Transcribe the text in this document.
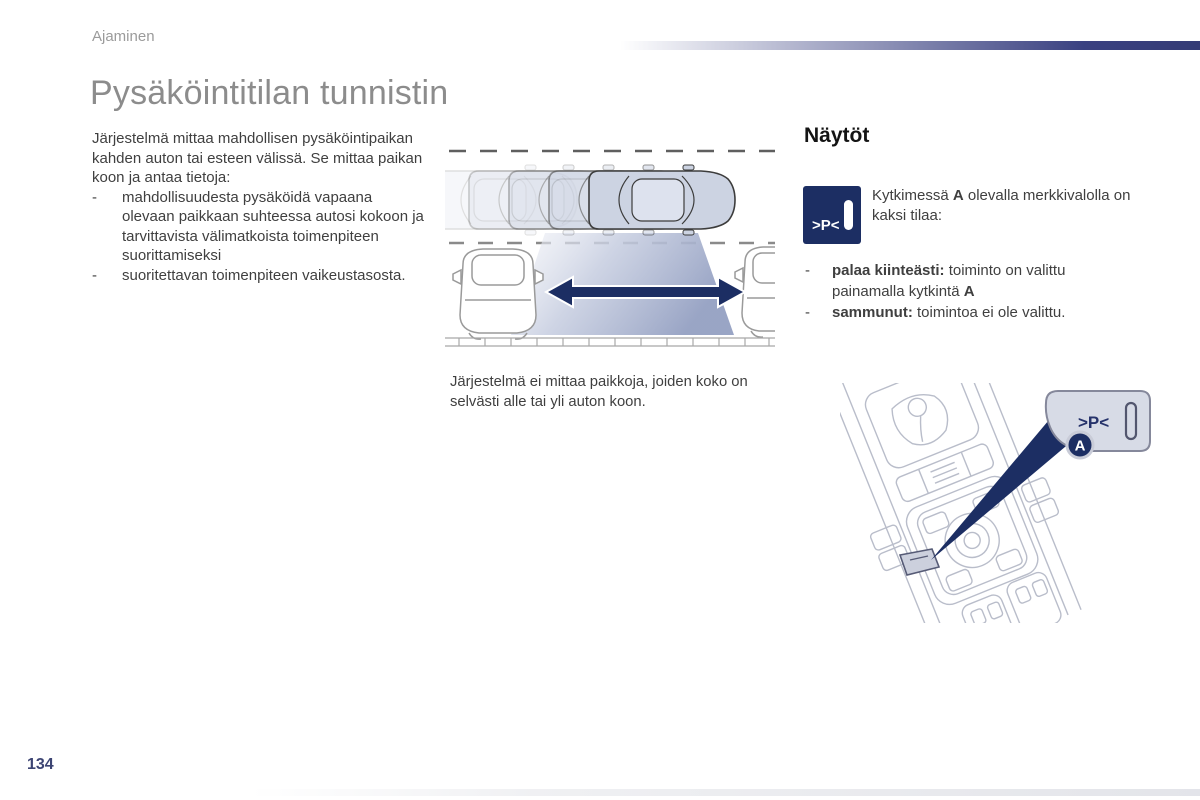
Ajaminen
Pysäköintitilan tunnistin
Järjestelmä mittaa mahdollisen pysäköintipaikan kahden auton tai esteen välissä. Se mittaa paikan koon ja antaa tietoja:
-	mahdollisuudesta pysäköidä vapaana olevaan paikkaan suhteessa autosi kokoon ja tarvittavista välimatkoista toimenpiteen suorittamiseksi
-	suoritettavan toimenpiteen vaikeustasosta.
Järjestelmä ei mittaa paikkoja, joiden koko on selvästi alle tai yli auton koon.
Näytöt
>P<
Kytkimessä A olevalla merkkivalolla on kaksi tilaa:
-	palaa kiinteästi: toiminto on valittu painamalla kytkintä A
-	sammunut: toimintoa ei ole valittu.
>P<
A
134
